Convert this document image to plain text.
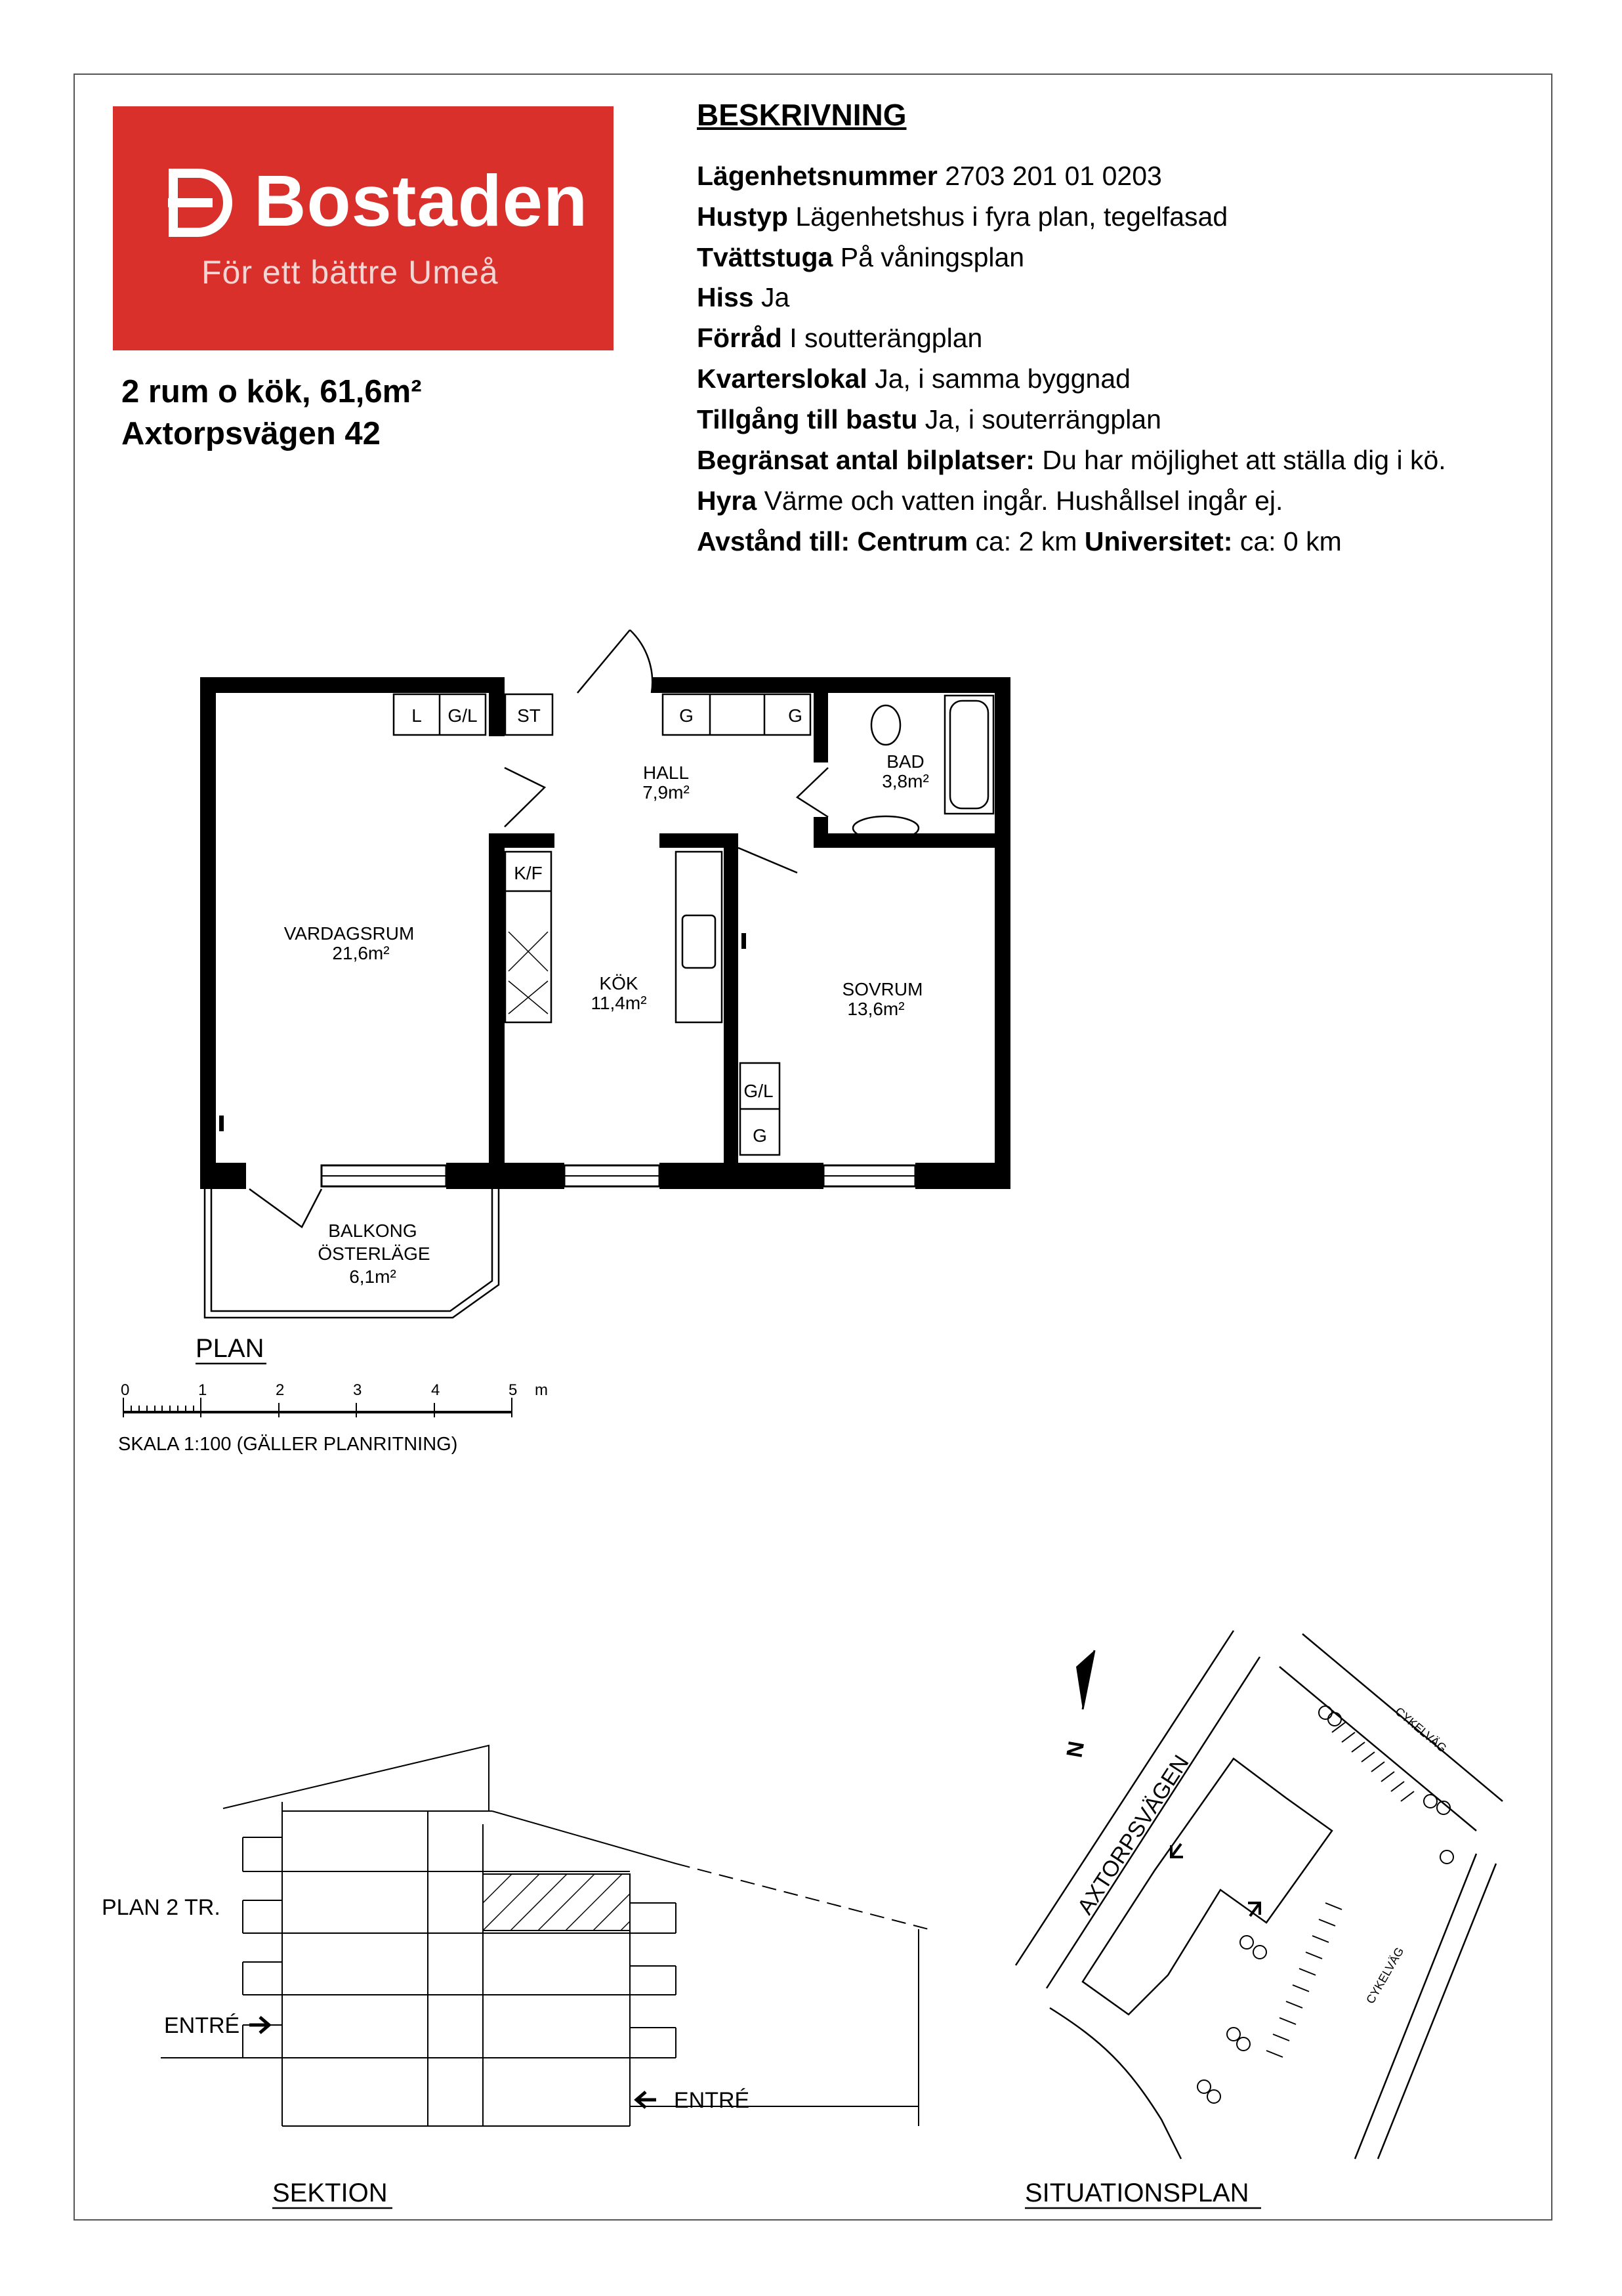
Bostaden
För ett bättre Umeå
2 rum o kök, 61,6m²
Axtorpsvägen 42
BESKRIVNING
Lägenhetsnummer 2703 201 01 0203
Hustyp Lägenhetshus i fyra plan, tegelfasad
Tvättstuga På våningsplan
Hiss Ja
Förråd I soutterängplan
Kvarterslokal Ja, i samma byggnad
Tillgång till bastu Ja, i souterrängplan
Begränsat antal bilplatser: Du har möjlighet att ställa dig i kö.
Hyra Värme och vatten ingår. Hushållsel ingår ej.
Avstånd till: Centrum ca: 2 km Universitet: ca: 0 km
VARDAGSRUM
21,6m²
HALL
7,9m²
BAD
3,8m²
KÖK
11,4m²
SOVRUM
13,6m²
BALKONG
ÖSTERLÄGE
6,1m²
L G/L ST	G	G
K/F
G/L
G
PLAN
0	1	2	3	4	5 m
SKALA 1:100 (GÄLLER PLANRITNING)
PLAN 2 TR.
ENTRÉ
ENTRÉ
SEKTION
N
AXTORPSVÄGEN
CYKELVÄG
CYKELVÄG
SITUATIONSPLAN
